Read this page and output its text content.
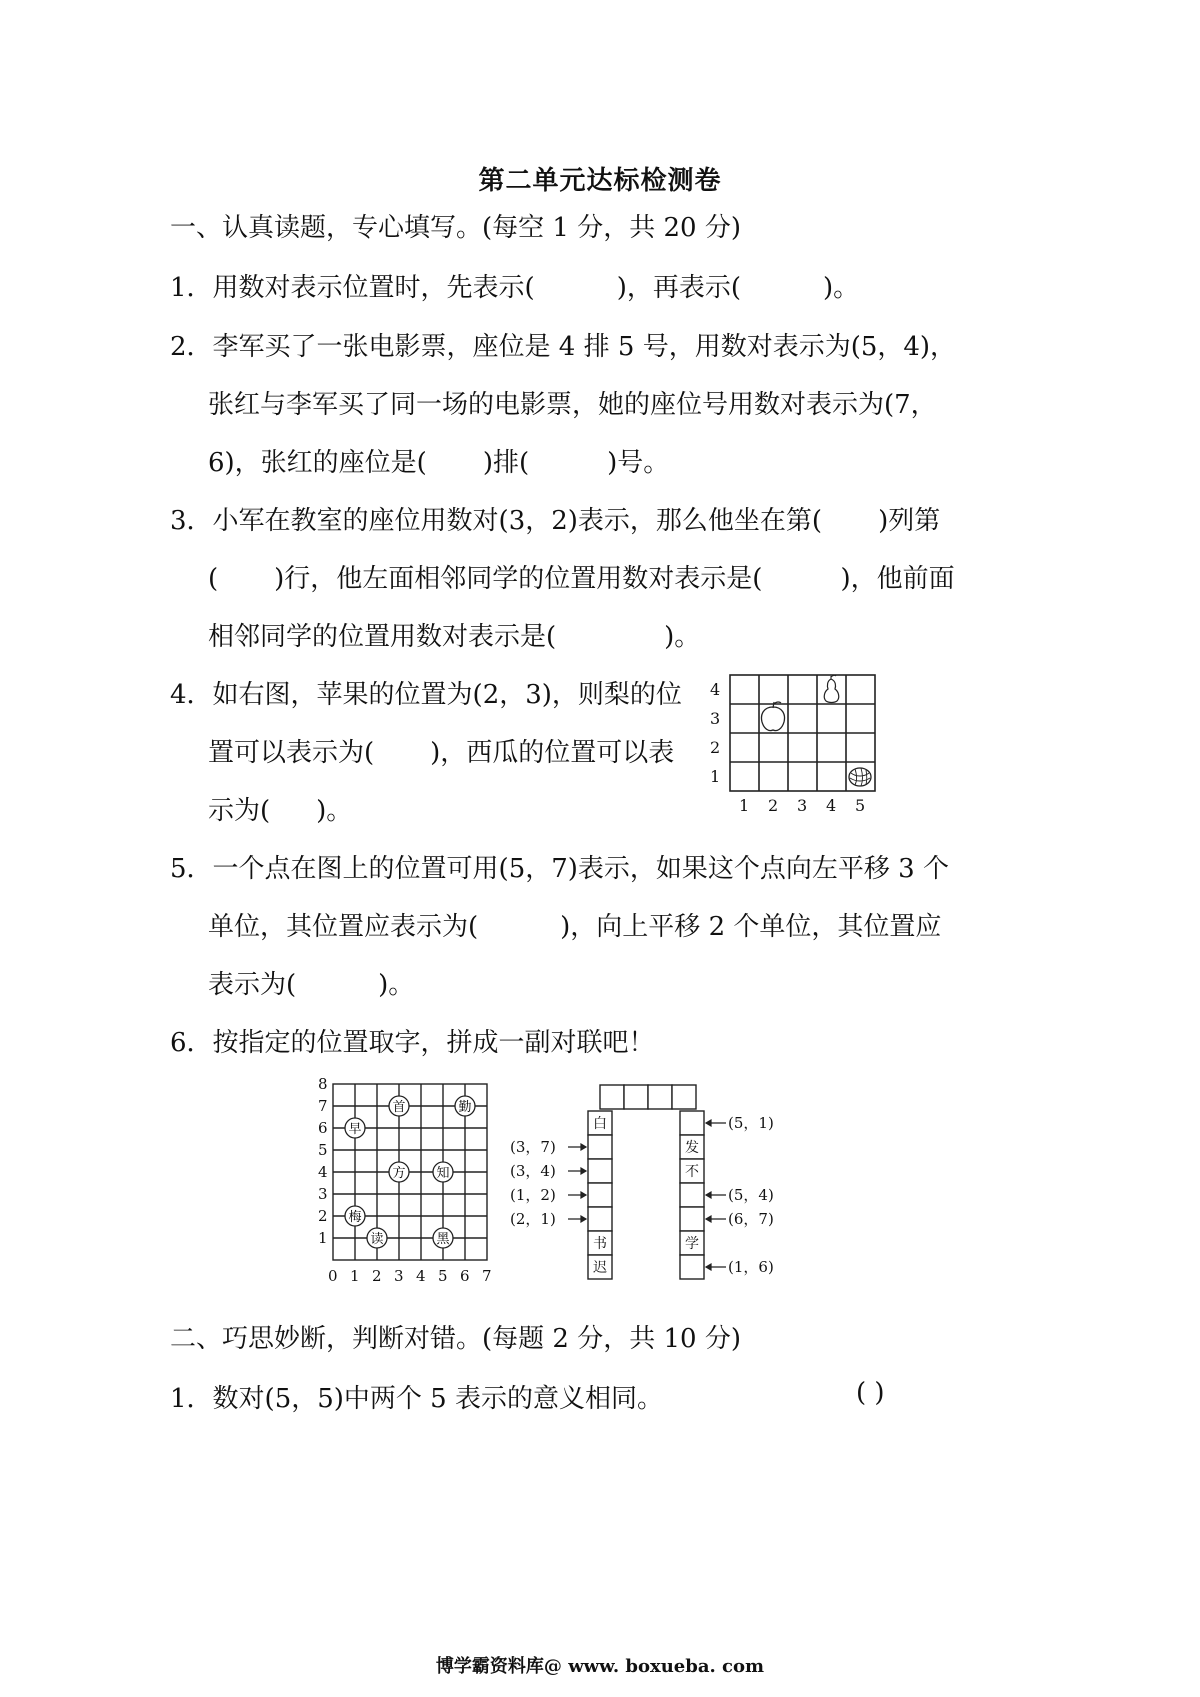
第二单元达标检测卷
一、认真读题，专心填写。(每空 1 分，共 20 分)
1．用数对表示位置时，先表示(	)，再表示(	)。
2．李军买了一张电影票，座位是 4 排 5 号，用数对表示为(5，4)，
张红与李军买了同一场的电影票，她的座位号用数对表示为(7，
6)，张红的座位是( )排(	)号。
3．小军在教室的座位用数对(3，2)表示，那么他坐在第( )列第
( )行，他左面相邻同学的位置用数对表示是(	)，他前面
相邻同学的位置用数对表示是(	)。
4．如右图，苹果的位置为(2，3)，则梨的位
置可以表示为( )，西瓜的位置可以表
示为( )。
4
3
2
1
1 2 3 4 5
5．一个点在图上的位置可用(5，7)表示，如果这个点向左平移 3 个
单位，其位置应表示为(	)，向上平移 2 个单位，其位置应
表示为(	)。
6．按指定的位置取字，拼成一副对联吧！
8
7
6
5
4
3
2
1
0 1 2 3 4 5 6 7
首	勤
早
方 知
梅
读	黑
白
书
迟
发
不
学
(3，7)
(3，4)
(1，2)
(2，1)
(5，1)
(5，4)
(6，7)
(1，6)
二、巧思妙断，判断对错。(每题 2 分，共 10 分)
1．数对(5，5)中两个 5 表示的意义相同。	( )
博学霸资料库@ www. boxueba. com
